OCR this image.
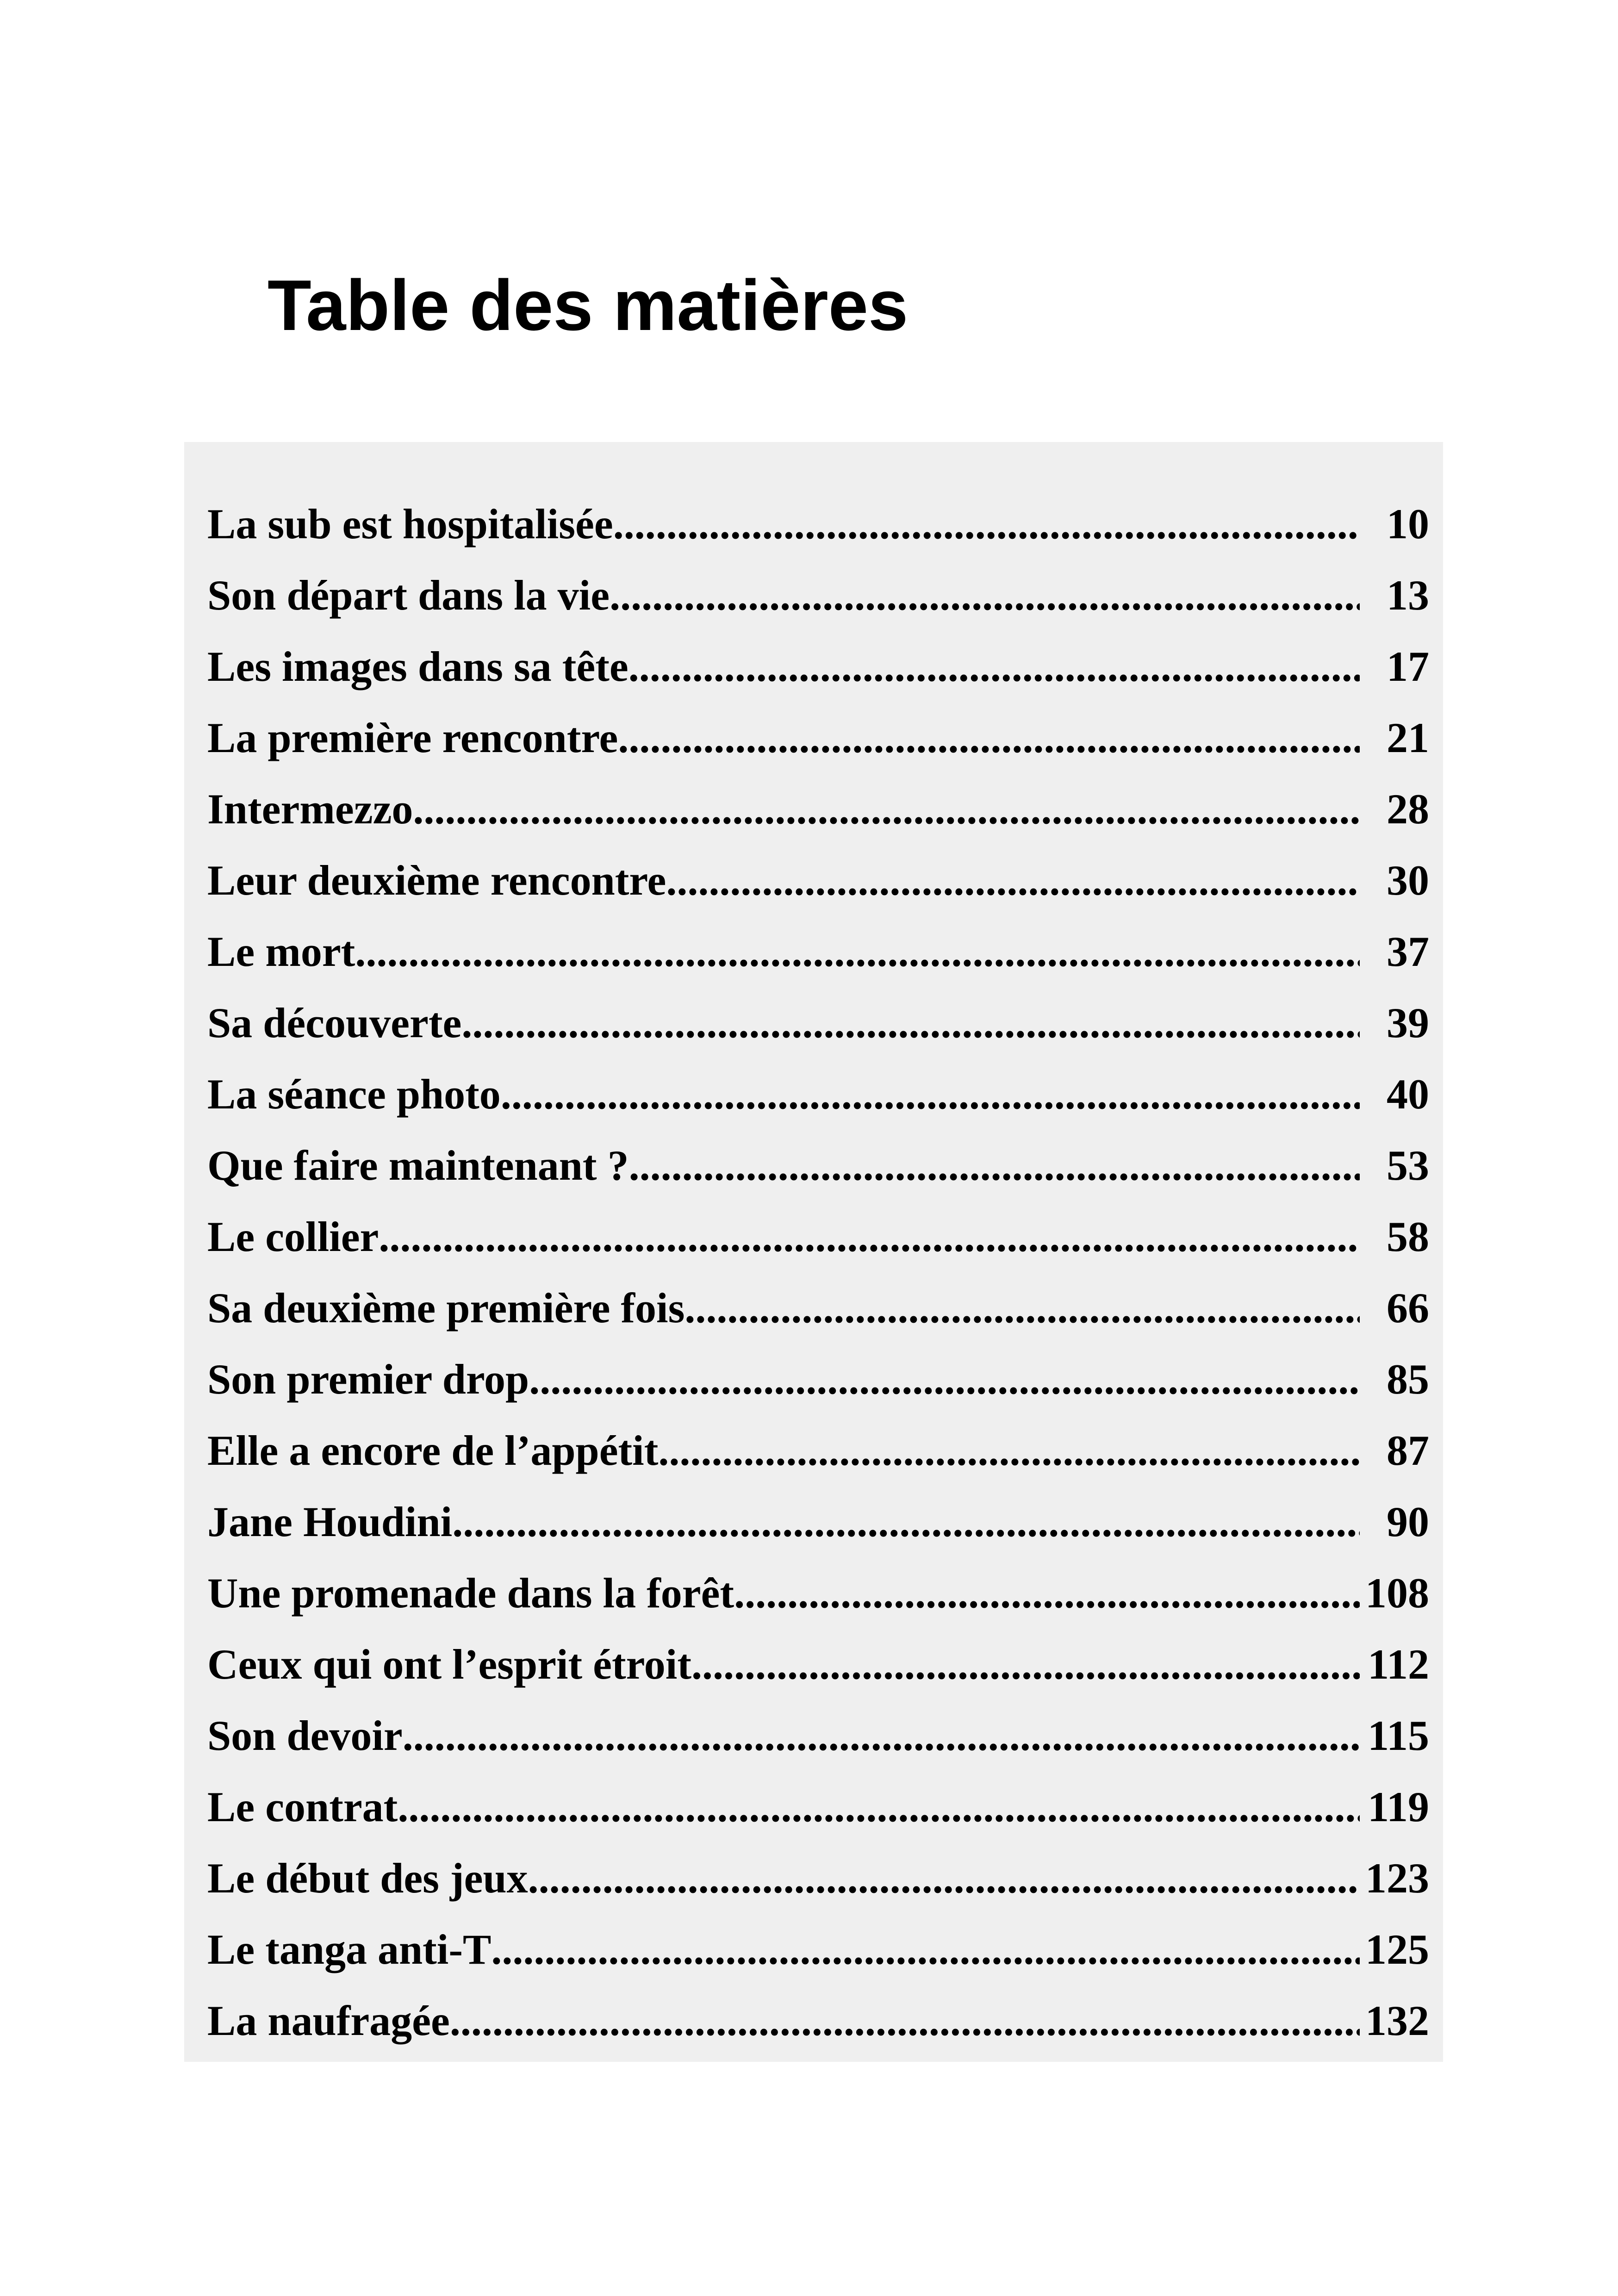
Table des matières
La sub est hospitalisée .....	10
Son départ dans la vie .....	13
Les images dans sa tête .....	17
La première rencontre .....	21
Intermezzo .....	28
Leur deuxième rencontre .....	30
Le mort .....	37
Sa découverte .....	39
La séance photo .....	40
Que faire maintenant ? .....	53
Le collier .....	58
Sa deuxième première fois .....	66
Son premier drop .....	85
Elle a encore de l’appétit .....	87
Jane Houdini .....	90
Une promenade dans la forêt .....	108
Ceux qui ont l’esprit étroit .....	112
Son devoir .....	115
Le contrat .....	119
Le début des jeux .....	123
Le tanga anti-T .....	125
La naufragée .....	132
